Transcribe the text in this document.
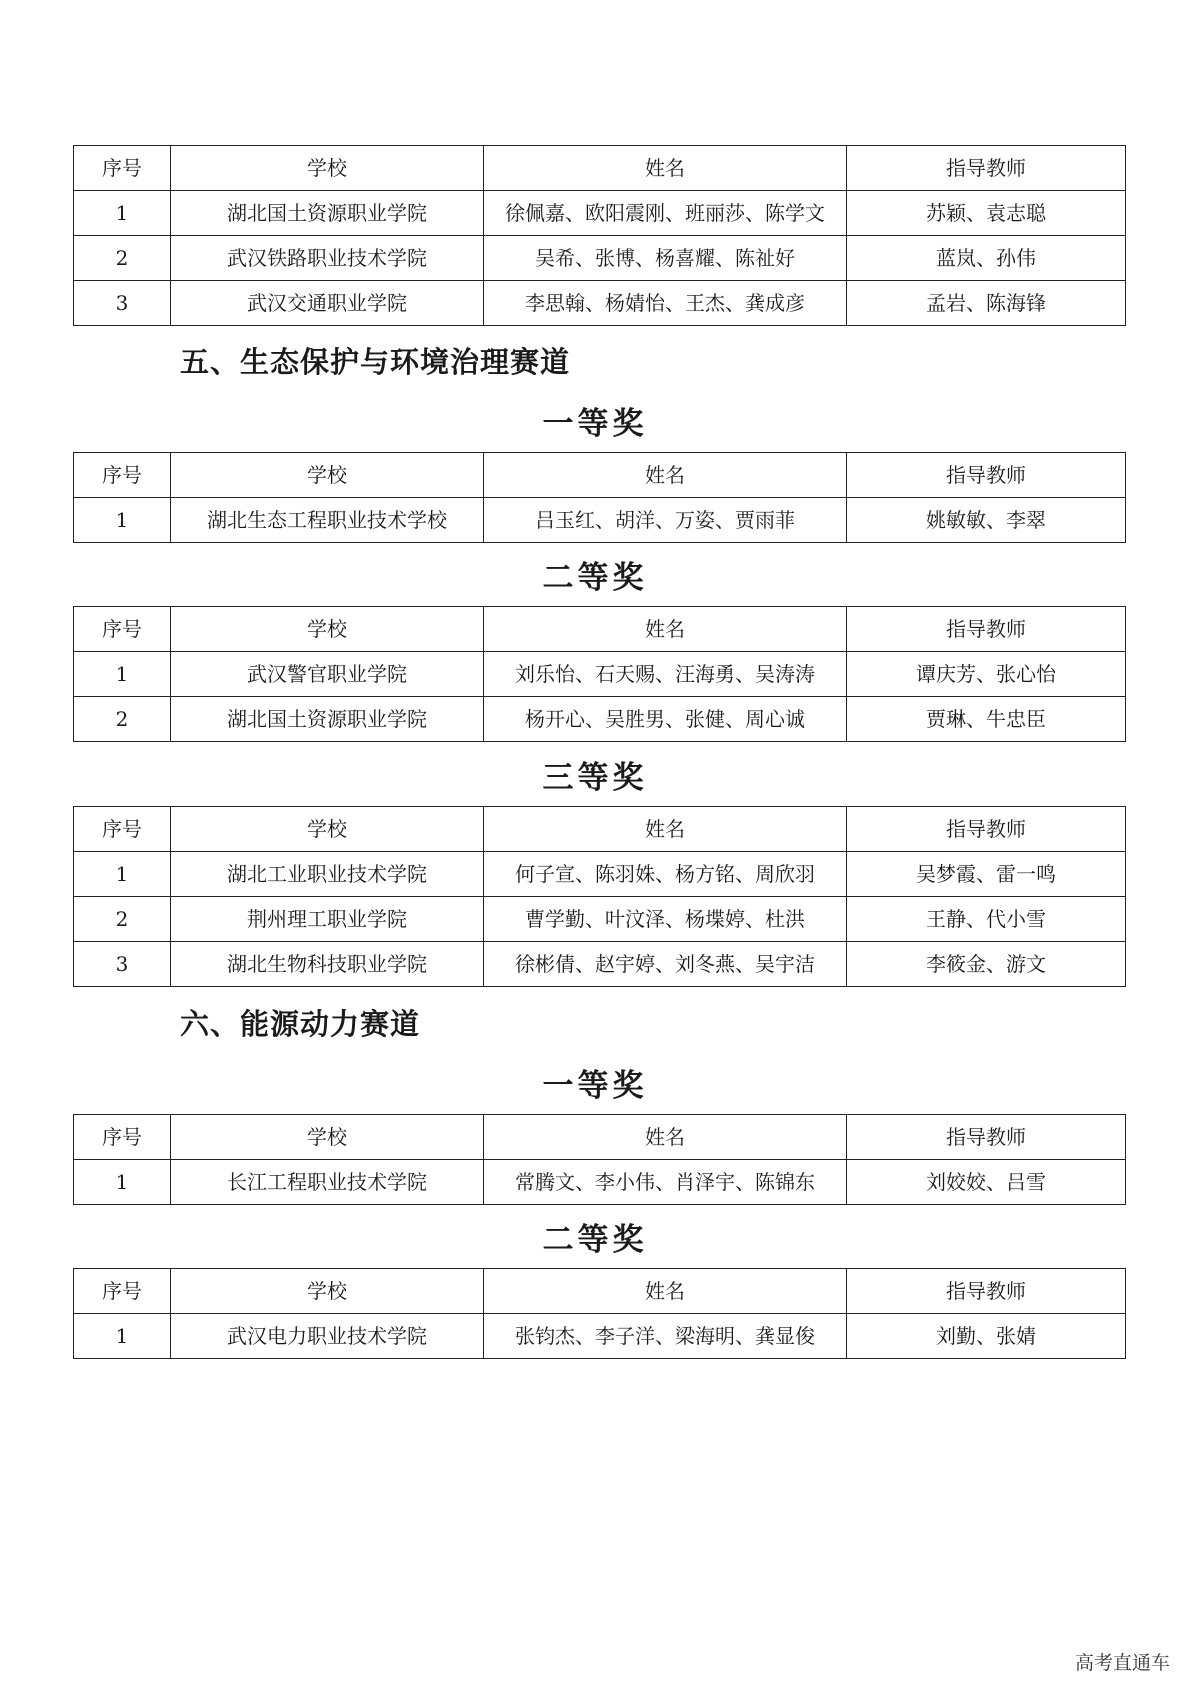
序号	学校	姓名	指导教师
1	湖北国土资源职业学院	徐佩嘉、欧阳震刚、班丽莎、陈学文	苏颖、袁志聪
2	武汉铁路职业技术学院	吴希、张博、杨喜耀、陈祉好	蓝岚、孙伟
3	武汉交通职业学院	李思翰、杨婧怡、王杰、龚成彦	孟岩、陈海锋
五、生态保护与环境治理赛道
一等奖
序号	学校	姓名	指导教师
1	湖北生态工程职业技术学校	吕玉红、胡洋、万姿、贾雨菲	姚敏敏、李翠
二等奖
序号	学校	姓名	指导教师
1	武汉警官职业学院	刘乐怡、石天赐、汪海勇、吴涛涛	谭庆芳、张心怡
2	湖北国土资源职业学院	杨开心、吴胜男、张健、周心诚	贾琳、牛忠臣
三等奖
序号	学校	姓名	指导教师
1	湖北工业职业技术学院	何子宣、陈羽姝、杨方铭、周欣羽	吴梦霞、雷一鸣
2	荆州理工职业学院	曹学勤、叶汶泽、杨堞婷、杜洪	王静、代小雪
3	湖北生物科技职业学院	徐彬倩、赵宇婷、刘冬燕、吴宇洁	李筱金、游文
六、能源动力赛道
一等奖
序号	学校	姓名	指导教师
1	长江工程职业技术学院	常腾文、李小伟、肖泽宇、陈锦东	刘姣姣、吕雪
二等奖
序号	学校	姓名	指导教师
1	武汉电力职业技术学院	张钧杰、李子洋、梁海明、龚显俊	刘勤、张婧
高考直通车
